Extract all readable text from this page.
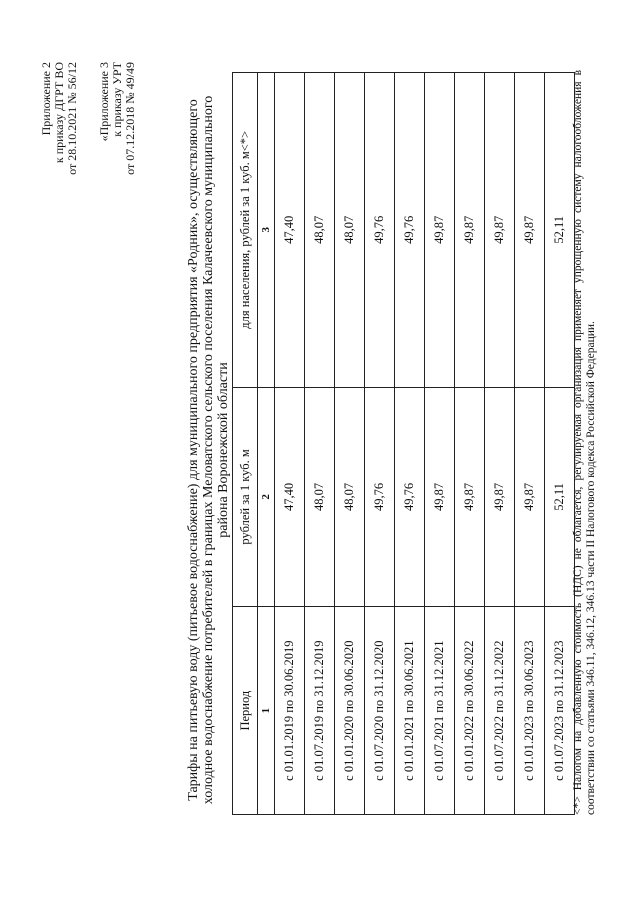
Приложение 2 к приказу ДГРТ ВО от 28.10.2021 № 56/12 «Приложение 3 к приказу УРТ от 07.12.2018 № 49/49	Тарифы на питьевую воду (питьевое водоснабжение) для муниципального предприятия «Родник», осуществляющего холодное водоснабжение потребителей в границах Меловатского сельского поселения Калачеевского муниципального района Воронежской области
Период	рублей за 1 куб. м	для населения, рублей за 1 куб. м<*>
1	2	3
с 01.01.2019 по 30.06.2019	47,40	47,40
с 01.07.2019 по 31.12.2019	48,07	48,07
с 01.01.2020 по 30.06.2020	48,07	48,07
с 01.07.2020 по 31.12.2020	49,76	49,76
с 01.01.2021 по 30.06.2021	49,76	49,76
с 01.07.2021 по 31.12.2021	49,87	49,87
с 01.01.2022 по 30.06.2022	49,87	49,87
с 01.07.2022 по 31.12.2022	49,87	49,87
с 01.01.2023 по 30.06.2023	49,87	49,87
с 01.07.2023 по 31.12.2023	52,11	52,11 <*> Налогом на добавленную стоимость (НДС) не облагается, регулируемая организация применяет упрощенную систему налогообложения в соответствии со статьями 346.11, 346.12, 346.13 части II Налогового кодекса Российской Федерации.
